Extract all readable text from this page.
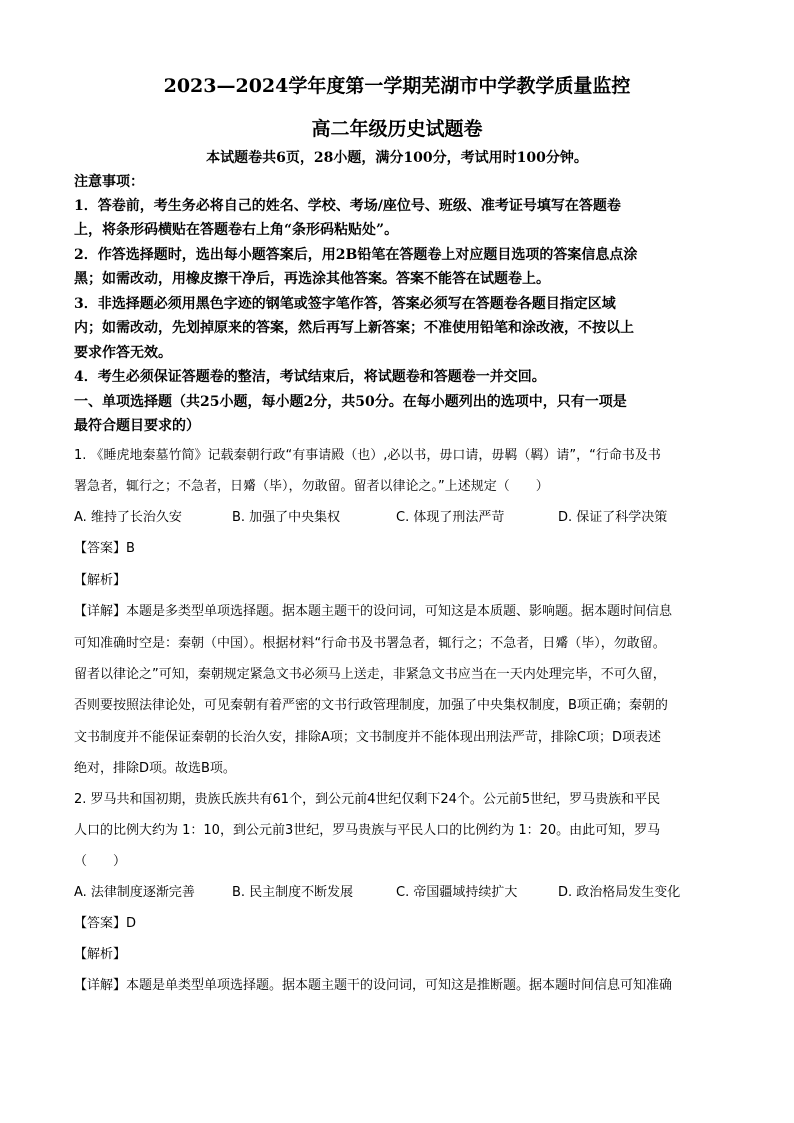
2023—2024学年度第一学期芜湖市中学教学质量监控
高二年级历史试题卷
本试题卷共6页，28小题，满分100分，考试用时100分钟。
注意事项：
1．答卷前，考生务必将自己的姓名、学校、考场/座位号、班级、准考证号填写在答题卷
上，将条形码横贴在答题卷右上角“条形码粘贴处”。
2．作答选择题时，选出每小题答案后，用2B铅笔在答题卷上对应题目选项的答案信息点涂
黑；如需改动，用橡皮擦干净后，再选涂其他答案。答案不能答在试题卷上。
3．非选择题必须用黑色字迹的钢笔或签字笔作答，答案必须写在答题卷各题目指定区域
内；如需改动，先划掉原来的答案，然后再写上新答案；不准使用铅笔和涂改液，不按以上
要求作答无效。
4．考生必须保证答题卷的整洁，考试结束后，将试题卷和答题卷一并交回。
一、单项选择题（共25小题，每小题2分，共50分。在每小题列出的选项中，只有一项是
最符合题目要求的）
1. 《睡虎地秦墓竹简》记载秦朝行政“有事请殿（也）,必以书，毋口请，毋羁（羁）请”，“行命书及书
署急者，辄行之；不急者，日觱（毕），勿敢留。留者以律论之。”上述规定（　　）
A. 维持了长治久安	B. 加强了中央集权	C. 体现了刑法严苛	D. 保证了科学决策
【答案】B
【解析】
【详解】本题是多类型单项选择题。据本题主题干的设问词，可知这是本质题、影响题。据本题时间信息
可知准确时空是：秦朝（中国）。根据材料“行命书及书署急者，辄行之；不急者，日觱（毕），勿敢留。
留者以律论之”可知，秦朝规定紧急文书必须马上送走，非紧急文书应当在一天内处理完毕，不可久留，
否则要按照法律论处，可见秦朝有着严密的文书行政管理制度，加强了中央集权制度，B项正确；秦朝的
文书制度并不能保证秦朝的长治久安，排除A项；文书制度并不能体现出刑法严苛，排除C项；D项表述
绝对，排除D项。故选B项。
2. 罗马共和国初期，贵族氏族共有61个，到公元前4世纪仅剩下24个。公元前5世纪，罗马贵族和平民
人口的比例大约为 1：10，到公元前3世纪，罗马贵族与平民人口的比例约为 1：20。由此可知，罗马
（　　）
A. 法律制度逐渐完善	B. 民主制度不断发展	C. 帝国疆域持续扩大	D. 政治格局发生变化
【答案】D
【解析】
【详解】本题是单类型单项选择题。据本题主题干的设问词，可知这是推断题。据本题时间信息可知准确
